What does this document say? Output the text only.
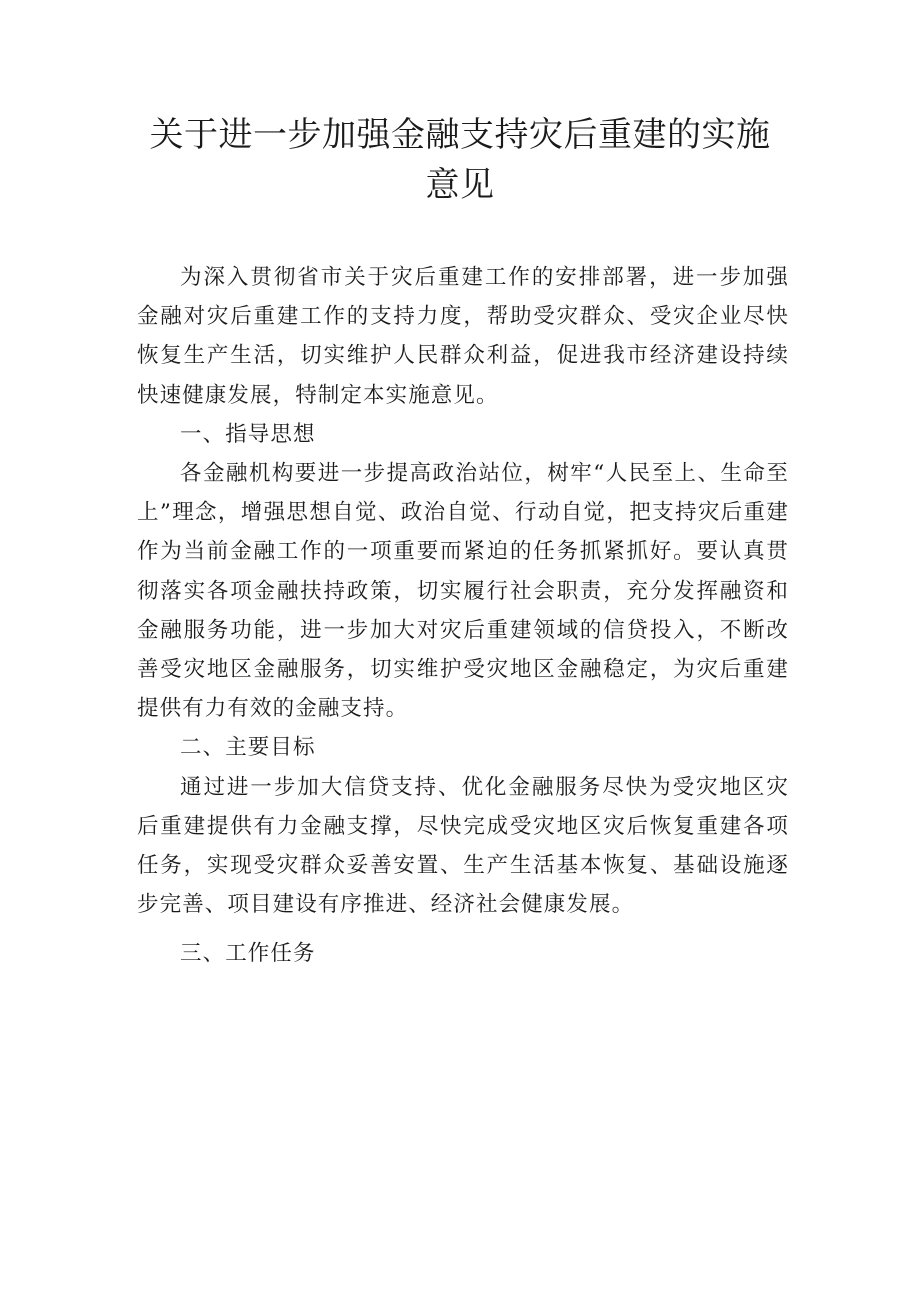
关于进一步加强金融支持灾后重建的实施
意见

为深入贯彻省市关于灾后重建工作的安排部署，进一步加强金融对灾后重建工作的支持力度，帮助受灾群众、受灾企业尽快恢复生产生活，切实维护人民群众利益，促进我市经济建设持续快速健康发展，特制定本实施意见。

一、指导思想

各金融机构要进一步提高政治站位，树牢“人民至上、生命至上”理念，增强思想自觉、政治自觉、行动自觉，把支持灾后重建作为当前金融工作的一项重要而紧迫的任务抓紧抓好。要认真贯彻落实各项金融扶持政策，切实履行社会职责，充分发挥融资和金融服务功能，进一步加大对灾后重建领域的信贷投入，不断改善受灾地区金融服务，切实维护受灾地区金融稳定，为灾后重建提供有力有效的金融支持。

二、主要目标

通过进一步加大信贷支持、优化金融服务尽快为受灾地区灾后重建提供有力金融支撑，尽快完成受灾地区灾后恢复重建各项任务，实现受灾群众妥善安置、生产生活基本恢复、基础设施逐步完善、项目建设有序推进、经济社会健康发展。

三、工作任务
